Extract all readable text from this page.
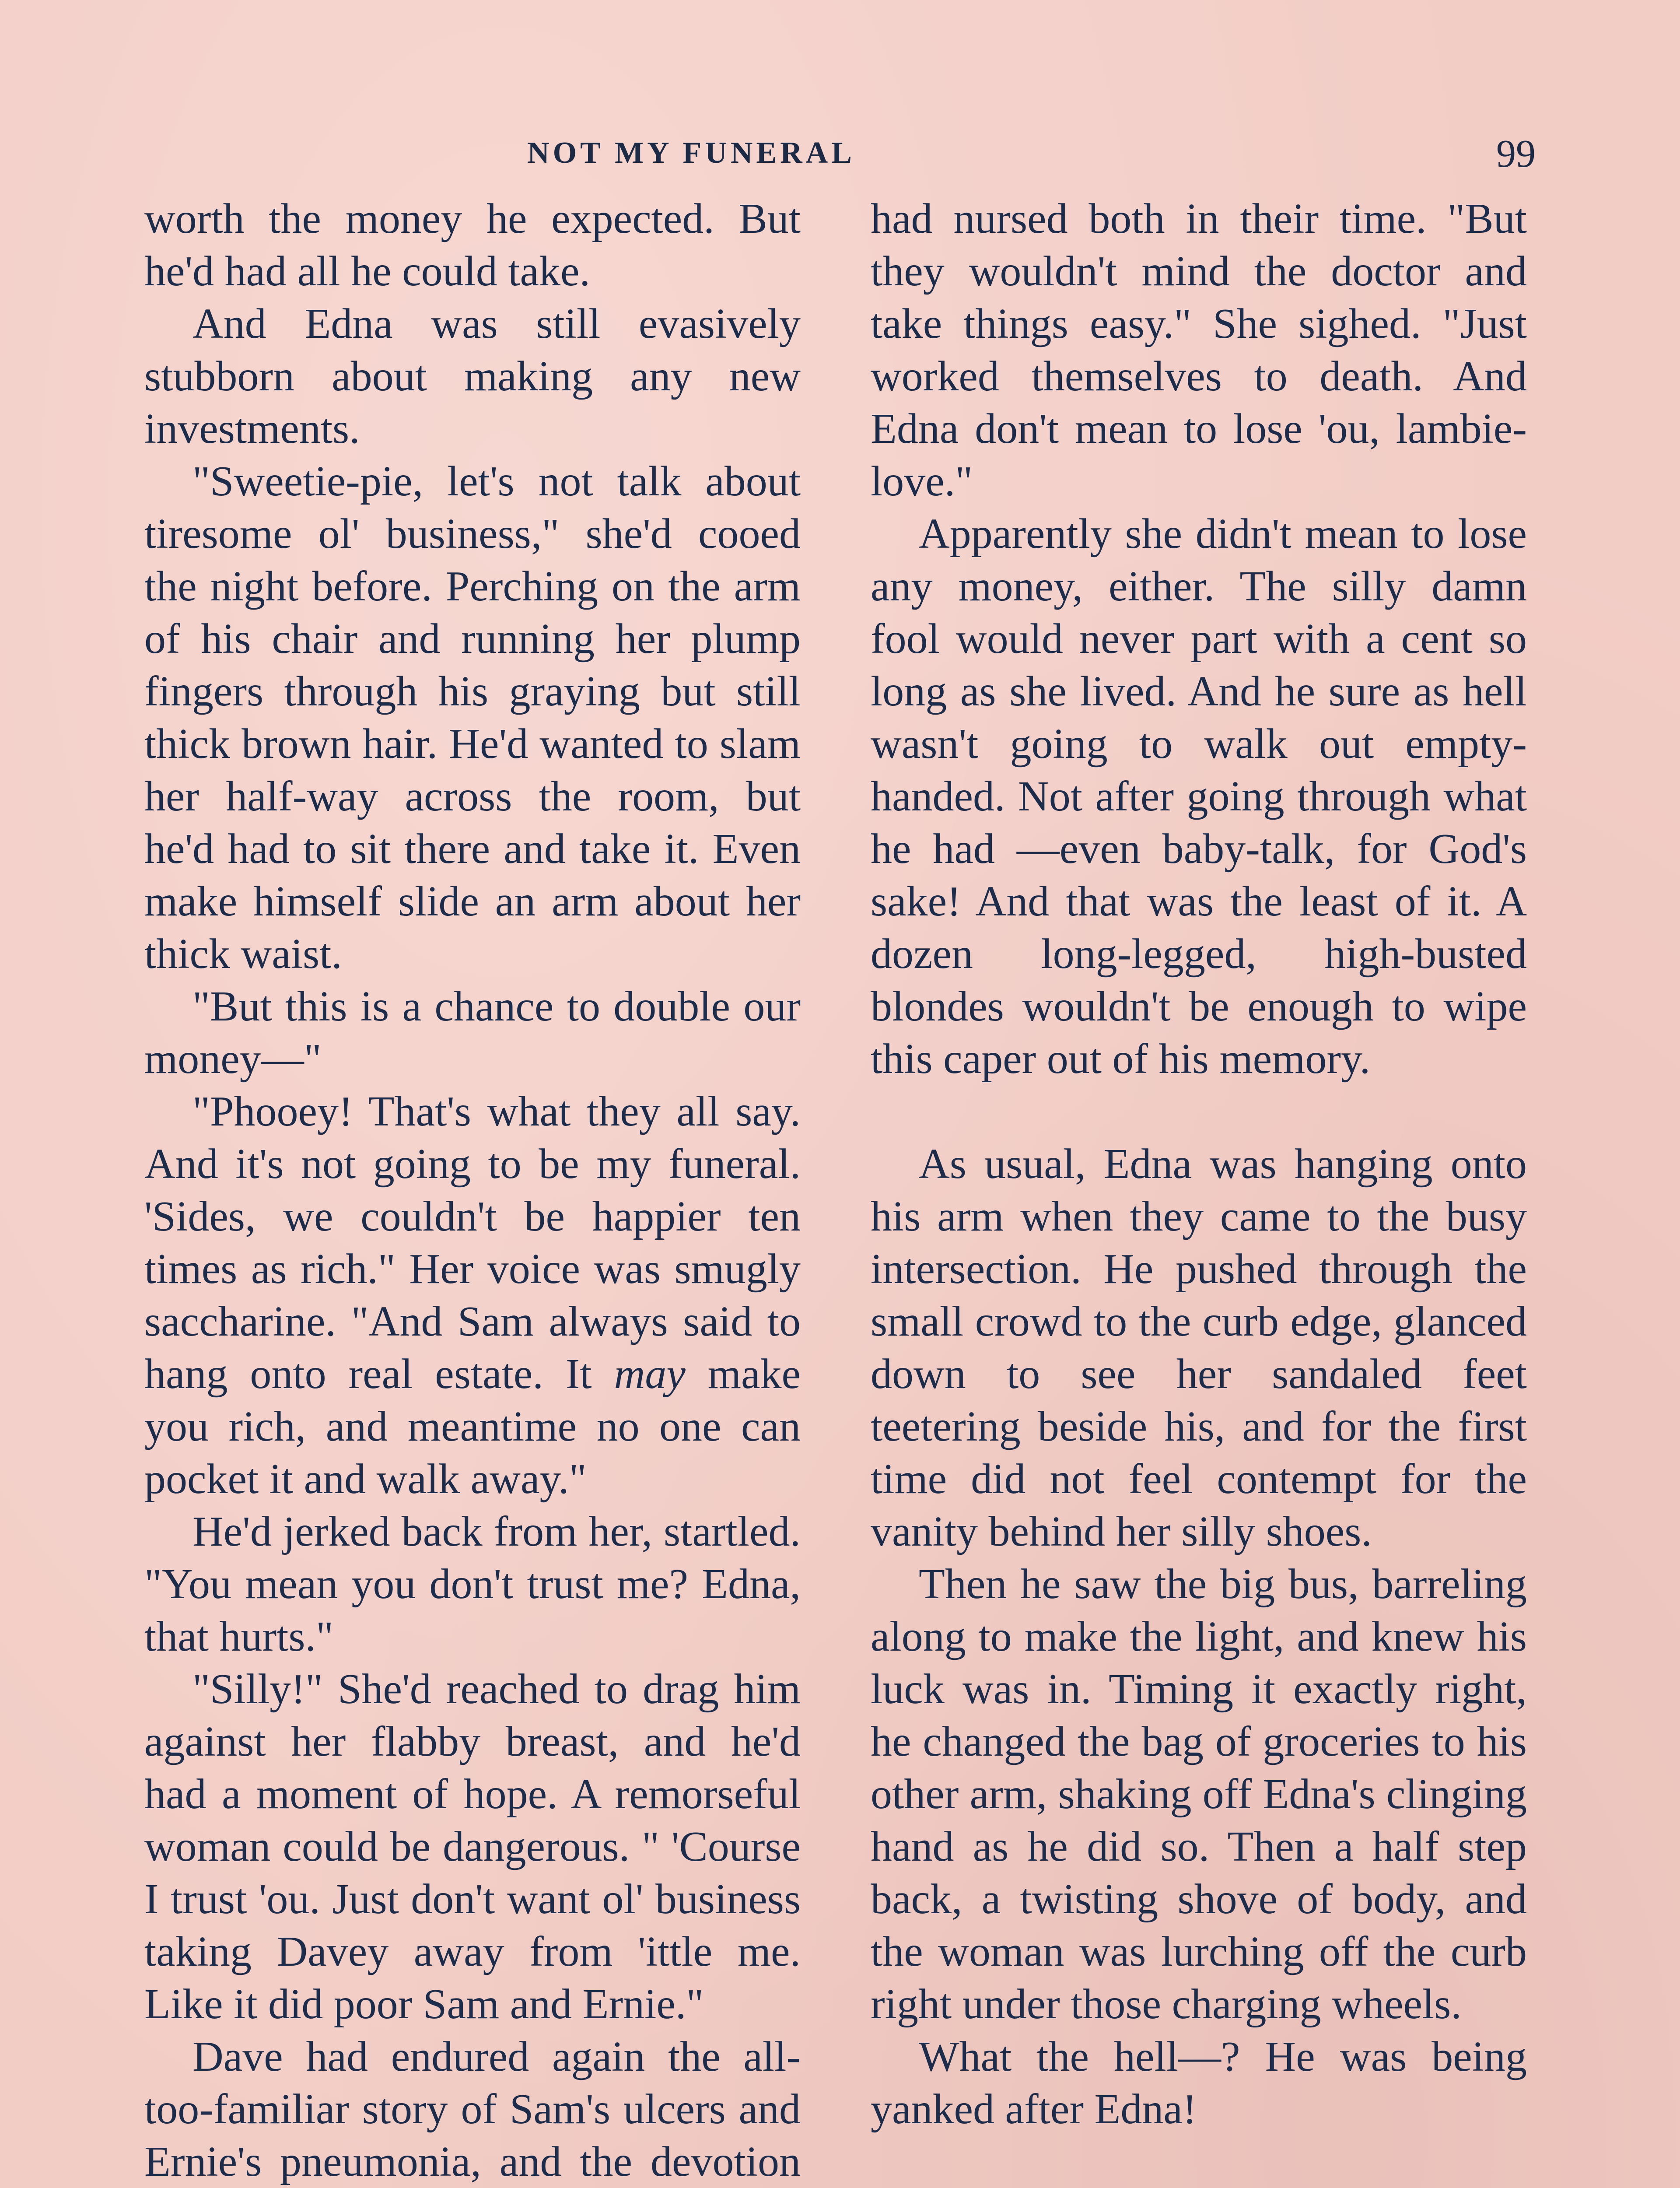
NOT MY FUNERAL	99

worth the money he expected. But he'd had all he could take.

And Edna was still evasively stubborn about making any new investments.

"Sweetie-pie, let's not talk about tiresome ol' business," she'd cooed the night before. Perching on the arm of his chair and running her plump fingers through his graying but still thick brown hair. He'd wanted to slam her half-way across the room, but he'd had to sit there and take it. Even make himself slide an arm about her thick waist.

"But this is a chance to double our money—"

"Phooey! That's what they all say. And it's not going to be my funeral. 'Sides, we couldn't be happier ten times as rich." Her voice was smugly saccharine. "And Sam always said to hang onto real estate. It may make you rich, and meantime no one can pocket it and walk away."

He'd jerked back from her, startled. "You mean you don't trust me? Edna, that hurts."

"Silly!" She'd reached to drag him against her flabby breast, and he'd had a moment of hope. A remorseful woman could be dangerous. " 'Course I trust 'ou. Just don't want ol' business taking Davey away from 'ittle me. Like it did poor Sam and Ernie."

Dave had endured again the all-too-familiar story of Sam's ulcers and Ernie's pneumonia, and the devotion

had nursed both in their time. "But they wouldn't mind the doctor and take things easy." She sighed. "Just worked themselves to death. And Edna don't mean to lose 'ou, lambie-love."

Apparently she didn't mean to lose any money, either. The silly damn fool would never part with a cent so long as she lived. And he sure as hell wasn't going to walk out empty-handed. Not after going through what he had —even baby-talk, for God's sake! And that was the least of it. A dozen long-legged, high-busted blondes wouldn't be enough to wipe this caper out of his memory.

As usual, Edna was hanging onto his arm when they came to the busy intersection. He pushed through the small crowd to the curb edge, glanced down to see her sandaled feet teetering beside his, and for the first time did not feel contempt for the vanity behind her silly shoes.

Then he saw the big bus, barreling along to make the light, and knew his luck was in. Timing it exactly right, he changed the bag of groceries to his other arm, shaking off Edna's clinging hand as he did so. Then a half step back, a twisting shove of body, and the woman was lurching off the curb right under those charging wheels.

What the hell—? He was being yanked after Edna!
